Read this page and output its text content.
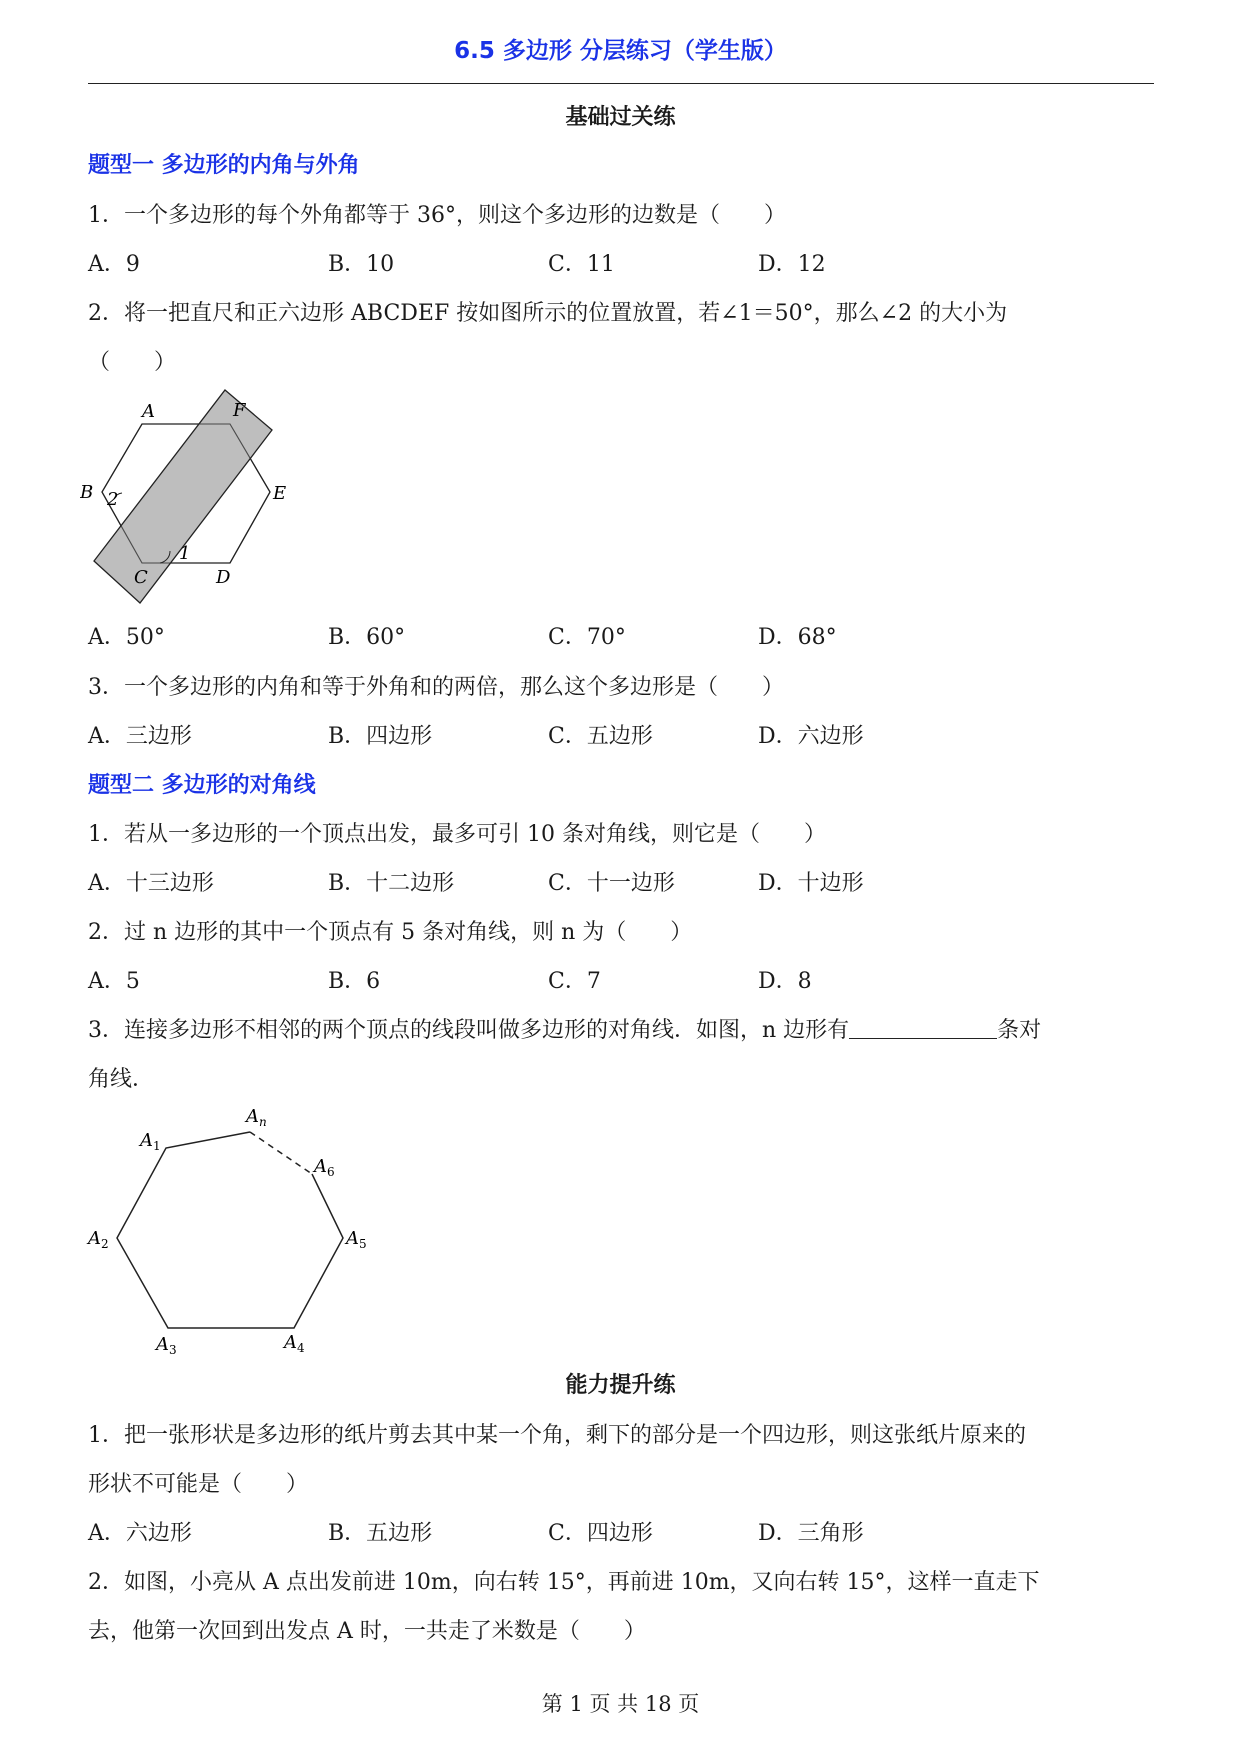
6.5 多边形 分层练习（学生版）
基础过关练
题型一 多边形的内角与外角
1．一个多边形的每个外角都等于 36°，则这个多边形的边数是（　　）
A．9	B．10	C．11	D．12
2．将一把直尺和正六边形 ABCDEF 按如图所示的位置放置，若∠1＝50°，那么∠2 的大小为
（　　）
A	F
B 2	E
1
C	D
A．50°	B．60°	C．70°	D．68°
3．一个多边形的内角和等于外角和的两倍，那么这个多边形是（　　）
A．三边形	B．四边形	C．五边形	D．六边形
题型二 多边形的对角线
1．若从一多边形的一个顶点出发，最多可引 10 条对角线，则它是（　　）
A．十三边形	B．十二边形	C．十一边形	D．十边形
2．过 n 边形的其中一个顶点有 5 条对角线，则 n 为（　　）
A．5	B．6	C．7	D．8
3．连接多边形不相邻的两个顶点的线段叫做多边形的对角线．如图，n 边形有	条对
角线．
$A_1$
$A_n$
$A_6$
$A_2$	$A_5$
$A_3$	$A_4$
能力提升练
1．把一张形状是多边形的纸片剪去其中某一个角，剩下的部分是一个四边形，则这张纸片原来的
形状不可能是（　　）
A．六边形	B．五边形	C．四边形	D．三角形
2．如图，小亮从 A 点出发前进 10m，向右转 15°，再前进 10m，又向右转 15°，这样一直走下
去，他第一次回到出发点 A 时，一共走了米数是（　　）
第 1 页 共 18 页
